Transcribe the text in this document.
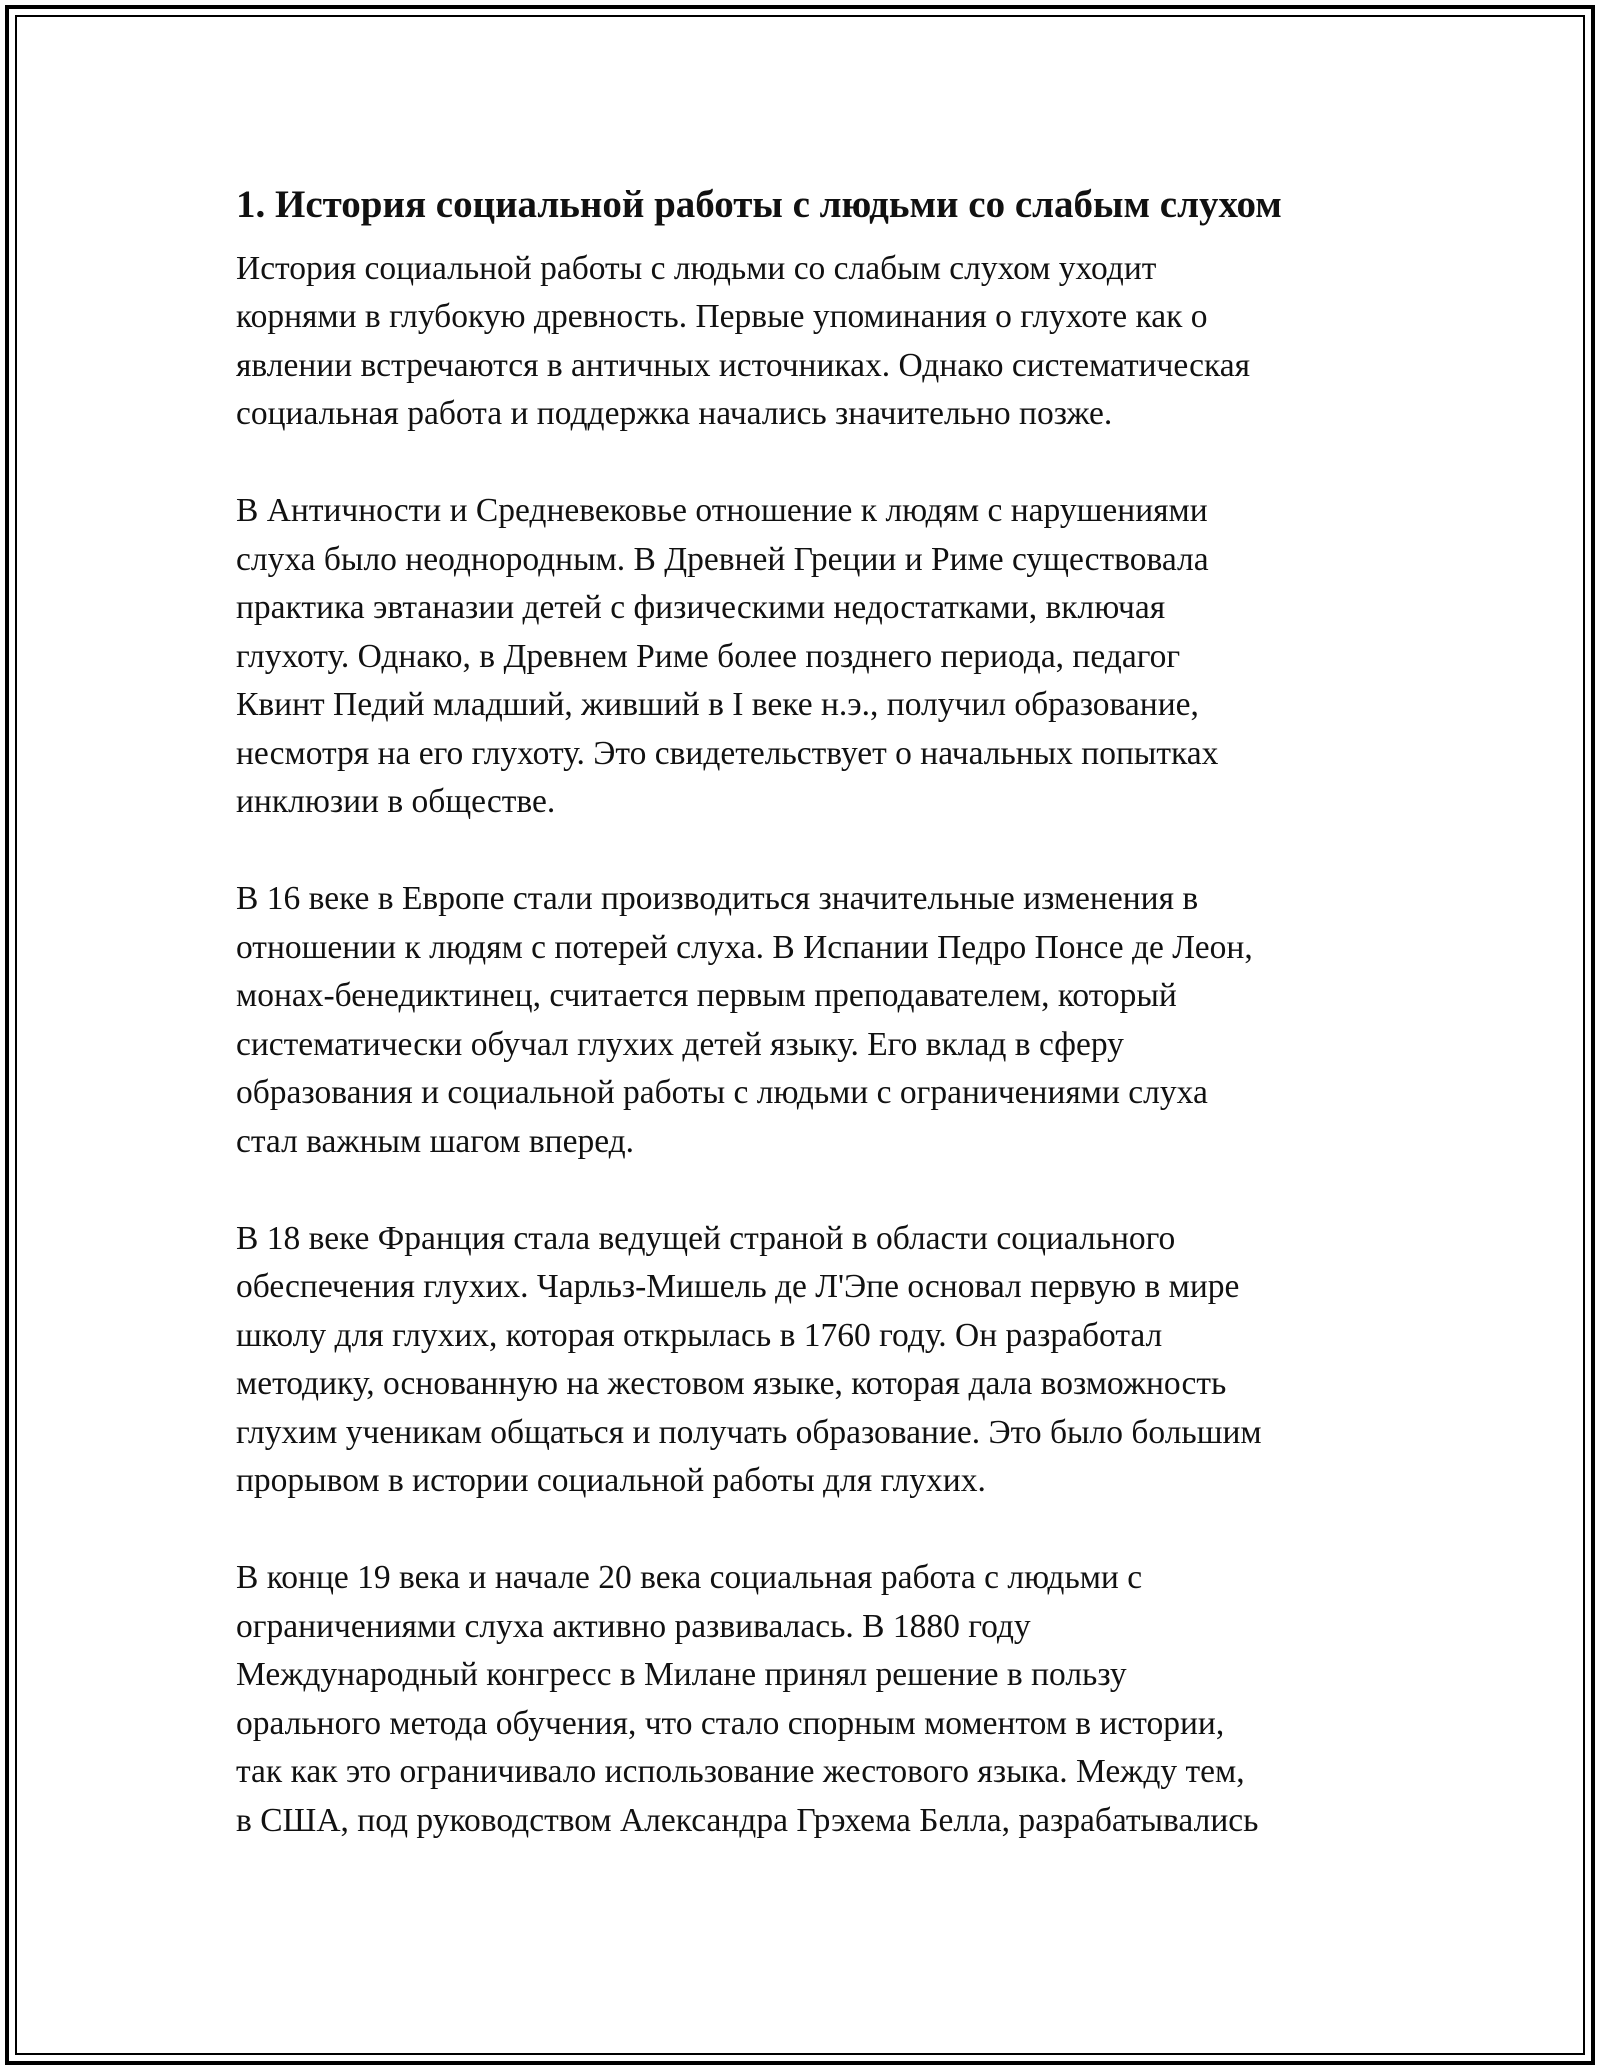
1. История социальной работы с людьми со слабым слухом

История социальной работы с людьми со слабым слухом уходит
корнями в глубокую древность. Первые упоминания о глухоте как о
явлении встречаются в античных источниках. Однако систематическая
социальная работа и поддержка начались значительно позже.

В Античности и Средневековье отношение к людям с нарушениями
слуха было неоднородным. В Древней Греции и Риме существовала
практика эвтаназии детей с физическими недостатками, включая
глухоту. Однако, в Древнем Риме более позднего периода, педагог
Квинт Педий младший, живший в I веке н.э., получил образование,
несмотря на его глухоту. Это свидетельствует о начальных попытках
инклюзии в обществе.

В 16 веке в Европе стали производиться значительные изменения в
отношении к людям с потерей слуха. В Испании Педро Понсе де Леон,
монах-бенедиктинец, считается первым преподавателем, который
систематически обучал глухих детей языку. Его вклад в сферу
образования и социальной работы с людьми с ограничениями слуха
стал важным шагом вперед.

В 18 веке Франция стала ведущей страной в области социального
обеспечения глухих. Чарльз-Мишель де Л'Эпе основал первую в мире
школу для глухих, которая открылась в 1760 году. Он разработал
методику, основанную на жестовом языке, которая дала возможность
глухим ученикам общаться и получать образование. Это было большим
прорывом в истории социальной работы для глухих.

В конце 19 века и начале 20 века социальная работа с людьми с
ограничениями слуха активно развивалась. В 1880 году
Международный конгресс в Милане принял решение в пользу
орального метода обучения, что стало спорным моментом в истории,
так как это ограничивало использование жестового языка. Между тем,
в США, под руководством Александра Грэхема Белла, разрабатывались
